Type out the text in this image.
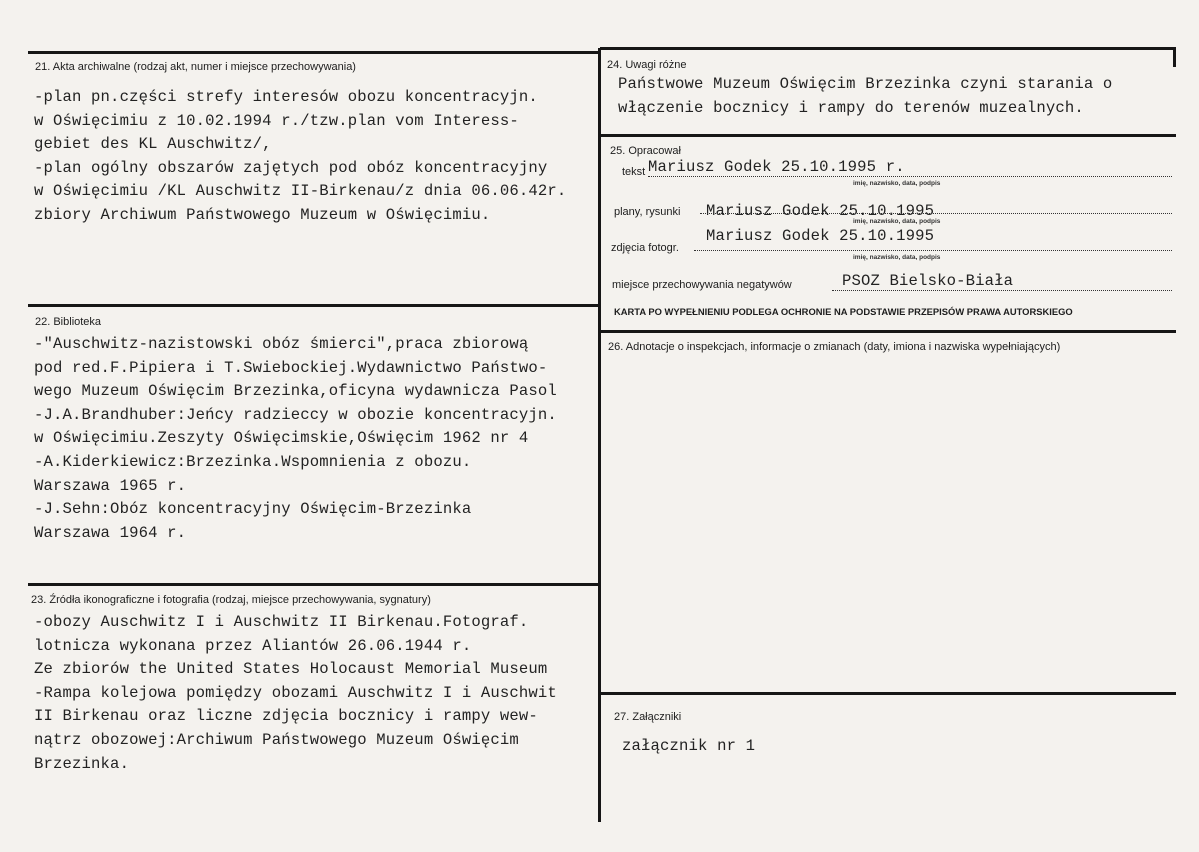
21. Akta archiwalne (rodzaj akt, numer i miejsce przechowywania)
-plan pn.części strefy interesów obozu koncentracyjn.
w Oświęcimiu z 10.02.1994 r./tzw.plan vom Interess-
gebiet des KL Auschwitz/,
-plan ogólny obszarów zajętych pod obóz koncentracyjny
w Oświęcimiu /KL Auschwitz II-Birkenau/z dnia 06.06.42r.
zbiory Archiwum Państwowego Muzeum w Oświęcimiu.
22. Biblioteka
-"Auschwitz-nazistowski obóz śmierci",praca zbiorową
pod red.F.Pipiera i T.Swiebockiej.Wydawnictwo Państwo-
wego Muzeum Oświęcim Brzezinka,oficyna wydawnicza Pasol
-J.A.Brandhuber:Jeńcy radzieccy w obozie koncentracyjn.
w Oświęcimiu.Zeszyty Oświęcimskie,Oświęcim 1962 nr 4
-A.Kiderkiewicz:Brzezinka.Wspomnienia z obozu.
Warszawa 1965 r.
-J.Sehn:Obóz koncentracyjny Oświęcim-Brzezinka
Warszawa 1964 r.
23. Źródła ikonograficzne i fotografia (rodzaj, miejsce przechowywania, sygnatury)
-obozy Auschwitz I i Auschwitz II Birkenau.Fotograf.
lotnicza wykonana przez Aliantów 26.06.1944 r.
Ze zbiorów the United States Holocaust Memorial Museum
-Rampa kolejowa pomiędzy obozami Auschwitz I i Auschwit
II Birkenau oraz liczne zdjęcia bocznicy i rampy wew-
nątrz obozowej:Archiwum Państwowego Muzeum Oświęcim
Brzezinka.
24. Uwagi różne
Państwowe Muzeum Oświęcim Brzezinka czyni starania o
włączenie bocznicy i rampy do terenów muzealnych.
25. Opracował
tekst Mariusz Godek 25.10.1995 r.
imię, nazwisko, data, podpis
plany, rysunki Mariusz Godek 25.10.1995
imię, nazwisko, data, podpis
zdjęcia fotogr.
Mariusz Godek 25.10.1995
imię, nazwisko, data, podpis
miejsce przechowywania negatywów	PSOZ Bielsko-Biała
KARTA PO WYPEŁNIENIU PODLEGA OCHRONIE NA PODSTAWIE PRZEPISÓW PRAWA AUTORSKIEGO
26. Adnotacje o inspekcjach, informacje o zmianach (daty, imiona i nazwiska wypełniających)
27. Załączniki
załącznik nr 1
